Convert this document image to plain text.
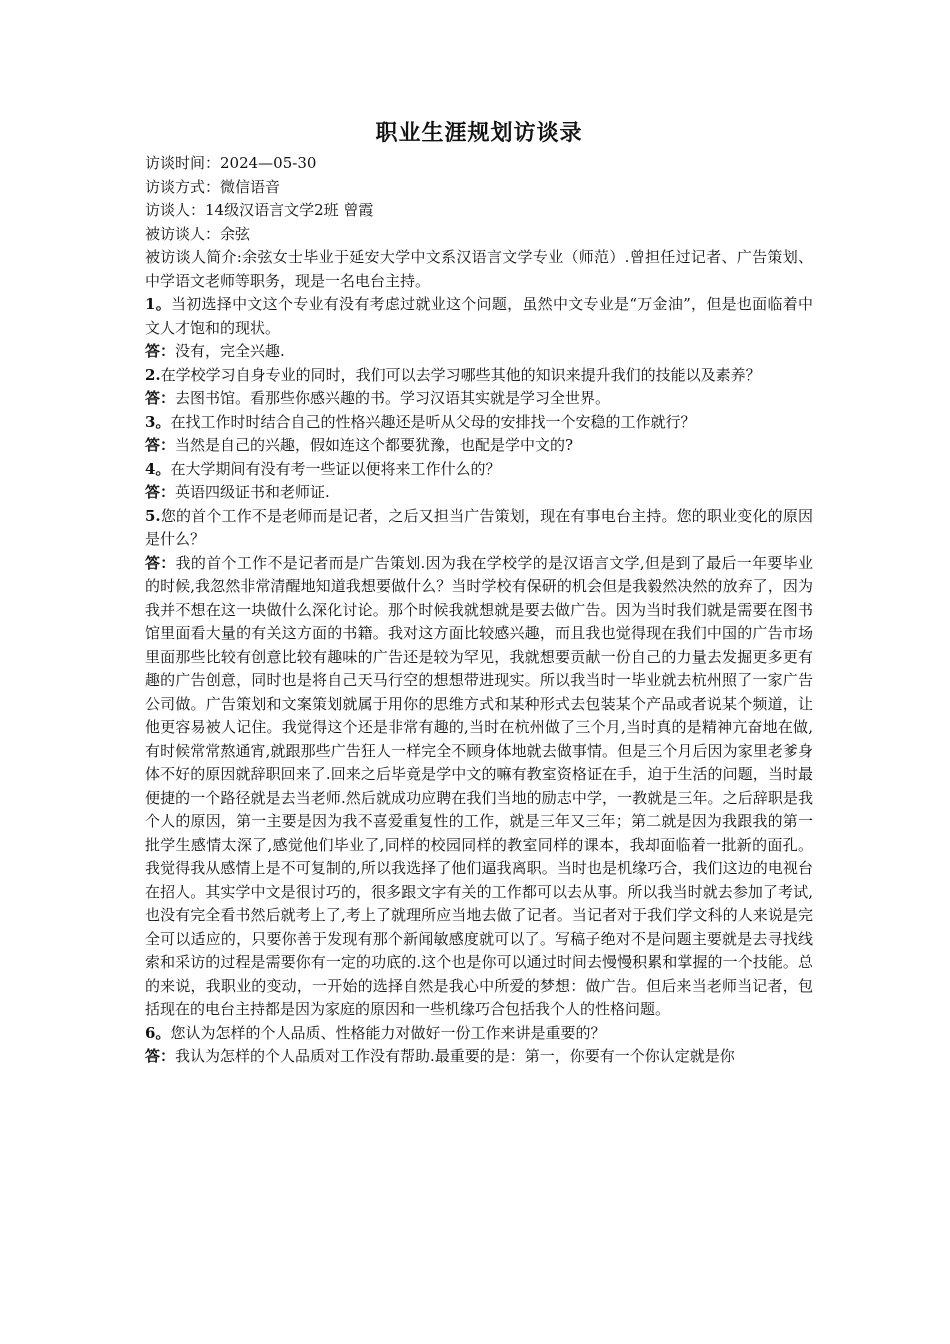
职业生涯规划访谈录

访谈时间：2024—05-30

访谈方式：微信语音

访谈人：14级汉语言文学2班 曾霞

被访谈人：余弦

被访谈人简介:余弦女士毕业于延安大学中文系汉语言文学专业（师范）.曾担任过记者、广告策划、中学语文老师等职务，现是一名电台主持。

1。当初选择中文这个专业有没有考虑过就业这个问题，虽然中文专业是“万金油”，但是也面临着中文人才饱和的现状。

答：没有，完全兴趣.

2.在学校学习自身专业的同时，我们可以去学习哪些其他的知识来提升我们的技能以及素养？

答：去图书馆。看那些你感兴趣的书。学习汉语其实就是学习全世界。

3。在找工作时时结合自己的性格兴趣还是听从父母的安排找一个安稳的工作就行？

答：当然是自己的兴趣，假如连这个都要犹豫，也配是学中文的?

4。在大学期间有没有考一些证以便将来工作什么的？

答：英语四级证书和老师证.

5.您的首个工作不是老师而是记者，之后又担当广告策划，现在有事电台主持。您的职业变化的原因是什么？

答：我的首个工作不是记者而是广告策划.因为我在学校学的是汉语言文学,但是到了最后一年要毕业的时候,我忽然非常清醒地知道我想要做什么？当时学校有保研的机会但是我毅然决然的放弃了，因为我并不想在这一块做什么深化讨论。那个时候我就想就是要去做广告。因为当时我们就是需要在图书馆里面看大量的有关这方面的书籍。我对这方面比较感兴趣，而且我也觉得现在我们中国的广告市场里面那些比较有创意比较有趣味的广告还是较为罕见，我就想要贡献一份自己的力量去发掘更多更有趣的广告创意，同时也是将自己天马行空的想想带进现实。所以我当时一毕业就去杭州照了一家广告公司做。广告策划和文案策划就属于用你的思维方式和某种形式去包装某个产品或者说某个频道，让他更容易被人记住。我觉得这个还是非常有趣的,当时在杭州做了三个月,当时真的是精神亢奋地在做,有时候常常熬通宵,就跟那些广告狂人一样完全不顾身体地就去做事情。但是三个月后因为家里老爹身体不好的原因就辞职回来了.回来之后毕竟是学中文的嘛有教室资格证在手，迫于生活的问题，当时最便捷的一个路径就是去当老师.然后就成功应聘在我们当地的励志中学，一教就是三年。之后辞职是我个人的原因，第一主要是因为我不喜爱重复性的工作，就是三年又三年；第二就是因为我跟我的第一批学生感情太深了,感觉他们毕业了,同样的校园同样的教室同样的课本，我却面临着一批新的面孔。我觉得我从感情上是不可复制的,所以我选择了他们逼我离职。当时也是机缘巧合，我们这边的电视台在招人。其实学中文是很讨巧的，很多跟文字有关的工作都可以去从事。所以我当时就去参加了考试,也没有完全看书然后就考上了,考上了就理所应当地去做了记者。当记者对于我们学文科的人来说是完全可以适应的，只要你善于发现有那个新闻敏感度就可以了。写稿子绝对不是问题主要就是去寻找线索和采访的过程是需要你有一定的功底的.这个也是你可以通过时间去慢慢积累和掌握的一个技能。总的来说，我职业的变动，一开始的选择自然是我心中所爱的梦想：做广告。但后来当老师当记者，包括现在的电台主持都是因为家庭的原因和一些机缘巧合包括我个人的性格问题。

6。您认为怎样的个人品质、性格能力对做好一份工作来讲是重要的？

答：我认为怎样的个人品质对工作没有帮助.最重要的是：第一，你要有一个你认定就是你
